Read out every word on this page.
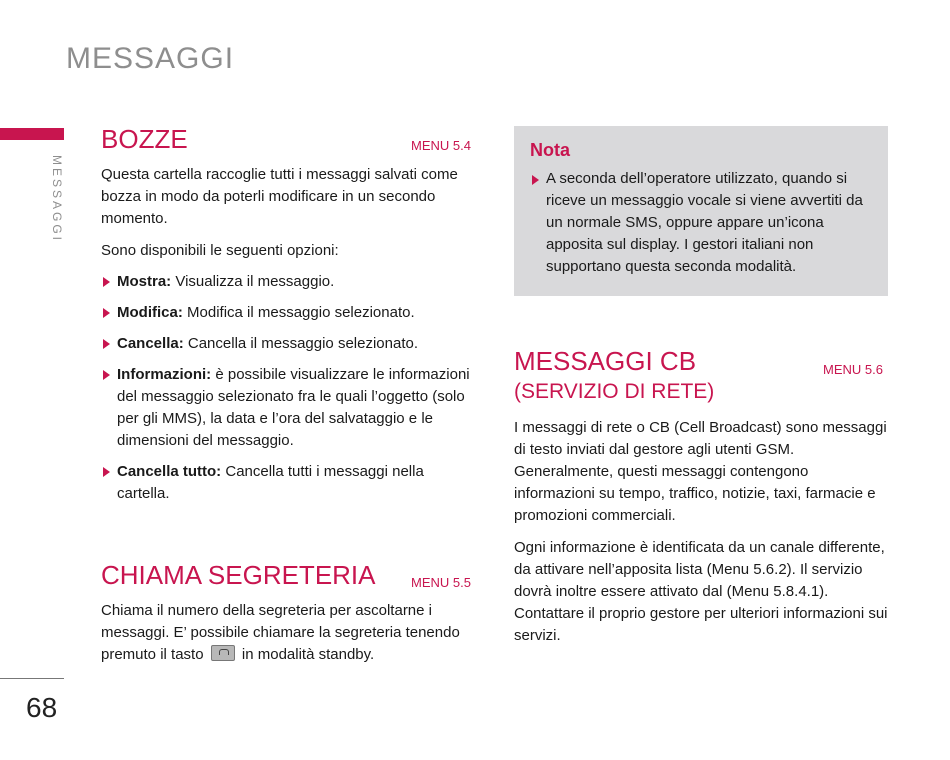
MESSAGGI
MESSAGGI
68
BOZZE	MENU 5.4

Questa cartella raccoglie tutti i messaggi salvati come bozza in modo da poterli modificare in un secondo momento.

Sono disponibili le seguenti opzioni:

Mostra: Visualizza il messaggio.
Modifica: Modifica il messaggio selezionato.
Cancella: Cancella il messaggio selezionato.
Informazioni: è possibile visualizzare le informazioni del messaggio selezionato fra le quali l’oggetto (solo per gli MMS), la data e l’ora del salvataggio e le dimensioni del messaggio.
Cancella tutto: Cancella tutti i messaggi nella cartella.
CHIAMA SEGRETERIA	MENU 5.5

Chiama il numero della segreteria per ascoltarne i messaggi. E’ possibile chiamare la segreteria tenendo premuto il tasto	in modalità standby.

Nota

A seconda dell’operatore utilizzato, quando si riceve un messaggio vocale si viene avvertiti da un normale SMS, oppure appare un’icona apposita sul display. I gestori italiani non supportano questa seconda modalità.

MESSAGGI CB
(SERVIZIO DI RETE)
MENU 5.6

I messaggi di rete o CB (Cell Broadcast) sono messaggi di testo inviati dal gestore agli utenti GSM. Generalmente, questi messaggi contengono informazioni su tempo, traffico, notizie, taxi, farmacie e promozioni commerciali.

Ogni informazione è identificata da un canale differente, da attivare nell’apposita lista (Menu 5.6.2). Il servizio dovrà inoltre essere attivato dal (Menu 5.8.4.1). Contattare il proprio gestore per ulteriori informazioni sui servizi.
